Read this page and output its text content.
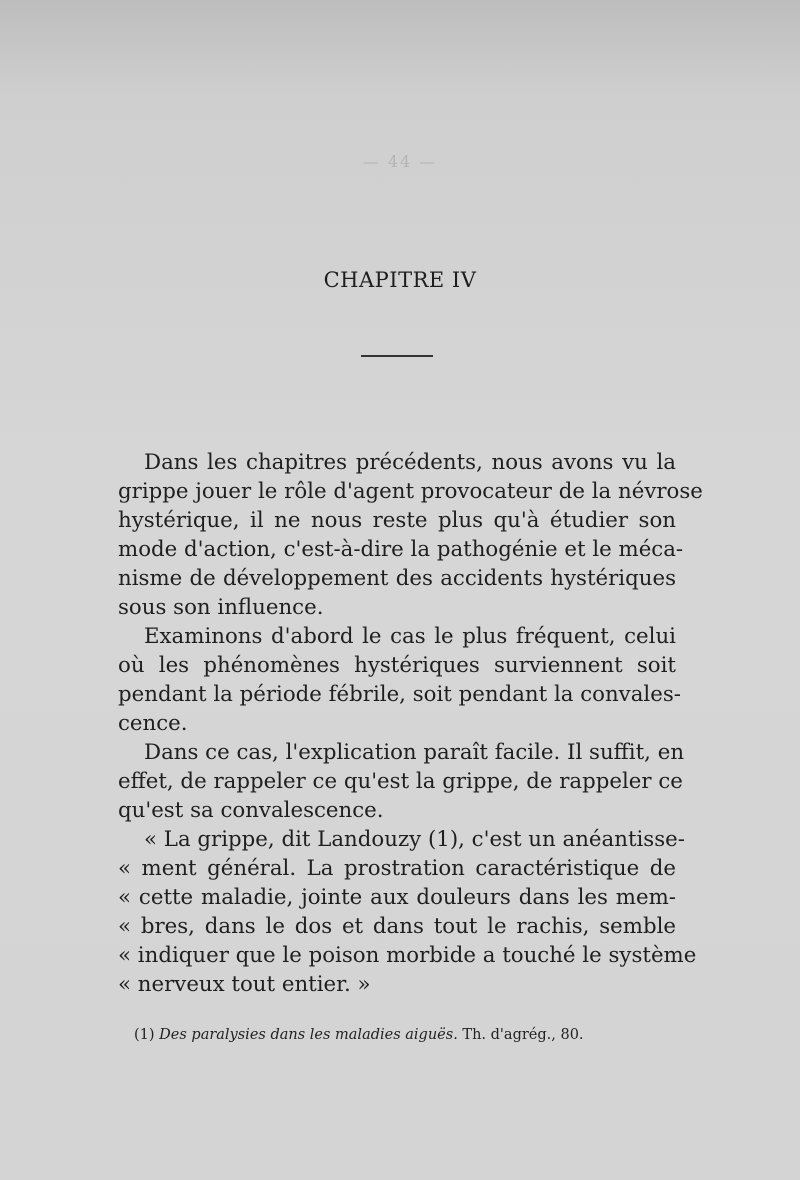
— 44 —
CHAPITRE IV

Dans les chapitres précédents, nous avons vu la
grippe jouer le rôle d'agent provocateur de la névrose
hystérique, il ne nous reste plus qu'à étudier son
mode d'action, c'est-à-dire la pathogénie et le méca-
nisme de développement des accidents hystériques
sous son influence.

Examinons d'abord le cas le plus fréquent, celui
où les phénomènes hystériques surviennent soit
pendant la période fébrile, soit pendant la convales-
cence.

Dans ce cas, l'explication paraît facile. Il suffit, en
effet, de rappeler ce qu'est la grippe, de rappeler ce
qu'est sa convalescence.

« La grippe, dit Landouzy (1), c'est un anéantisse-
« ment général. La prostration caractéristique de
« cette maladie, jointe aux douleurs dans les mem-
« bres, dans le dos et dans tout le rachis, semble
« indiquer que le poison morbide a touché le système
« nerveux tout entier. »

(1) Des paralysies dans les maladies aiguës. Th. d'agrég., 80.
